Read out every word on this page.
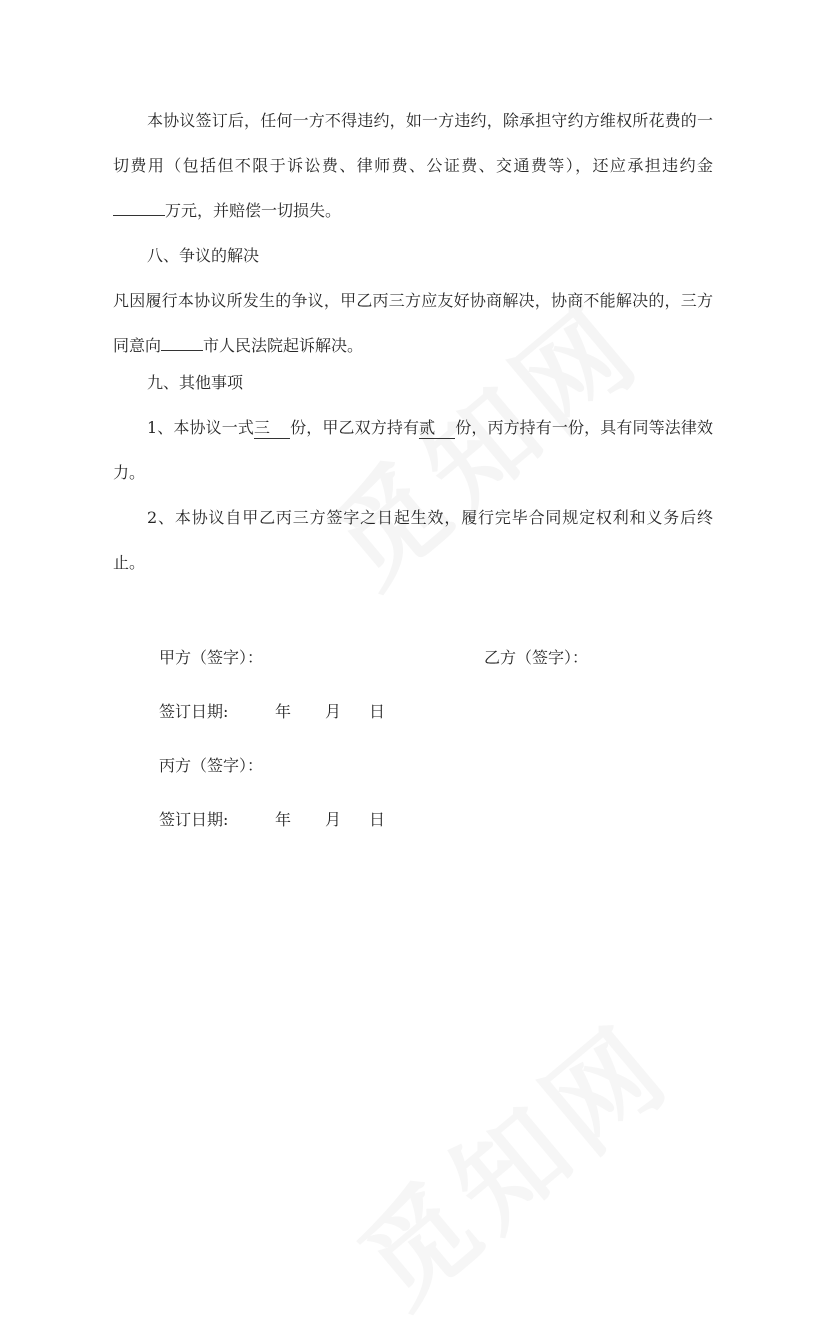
本协议签订后，任何一方不得违约，如一方违约，除承担守约方维权所花费的一切费用（包括但不限于诉讼费、律师费、公证费、交通费等），还应承担违约金万元，并赔偿一切损失。

八、争议的解决

凡因履行本协议所发生的争议，甲乙丙三方应友好协商解决，协商不能解决的，三方同意向	市人民法院起诉解决。

九、其他事项

1、本协议一式三 份，甲乙双方持有贰 份，丙方持有一份，具有同等法律效力。

2、本协议自甲乙丙三方签字之日起生效，履行完毕合同规定权利和义务后终止。

甲方（签字）：	乙方（签字）：
签订日期:	年 月 日
丙方（签字）：
签订日期:	年 月 日
